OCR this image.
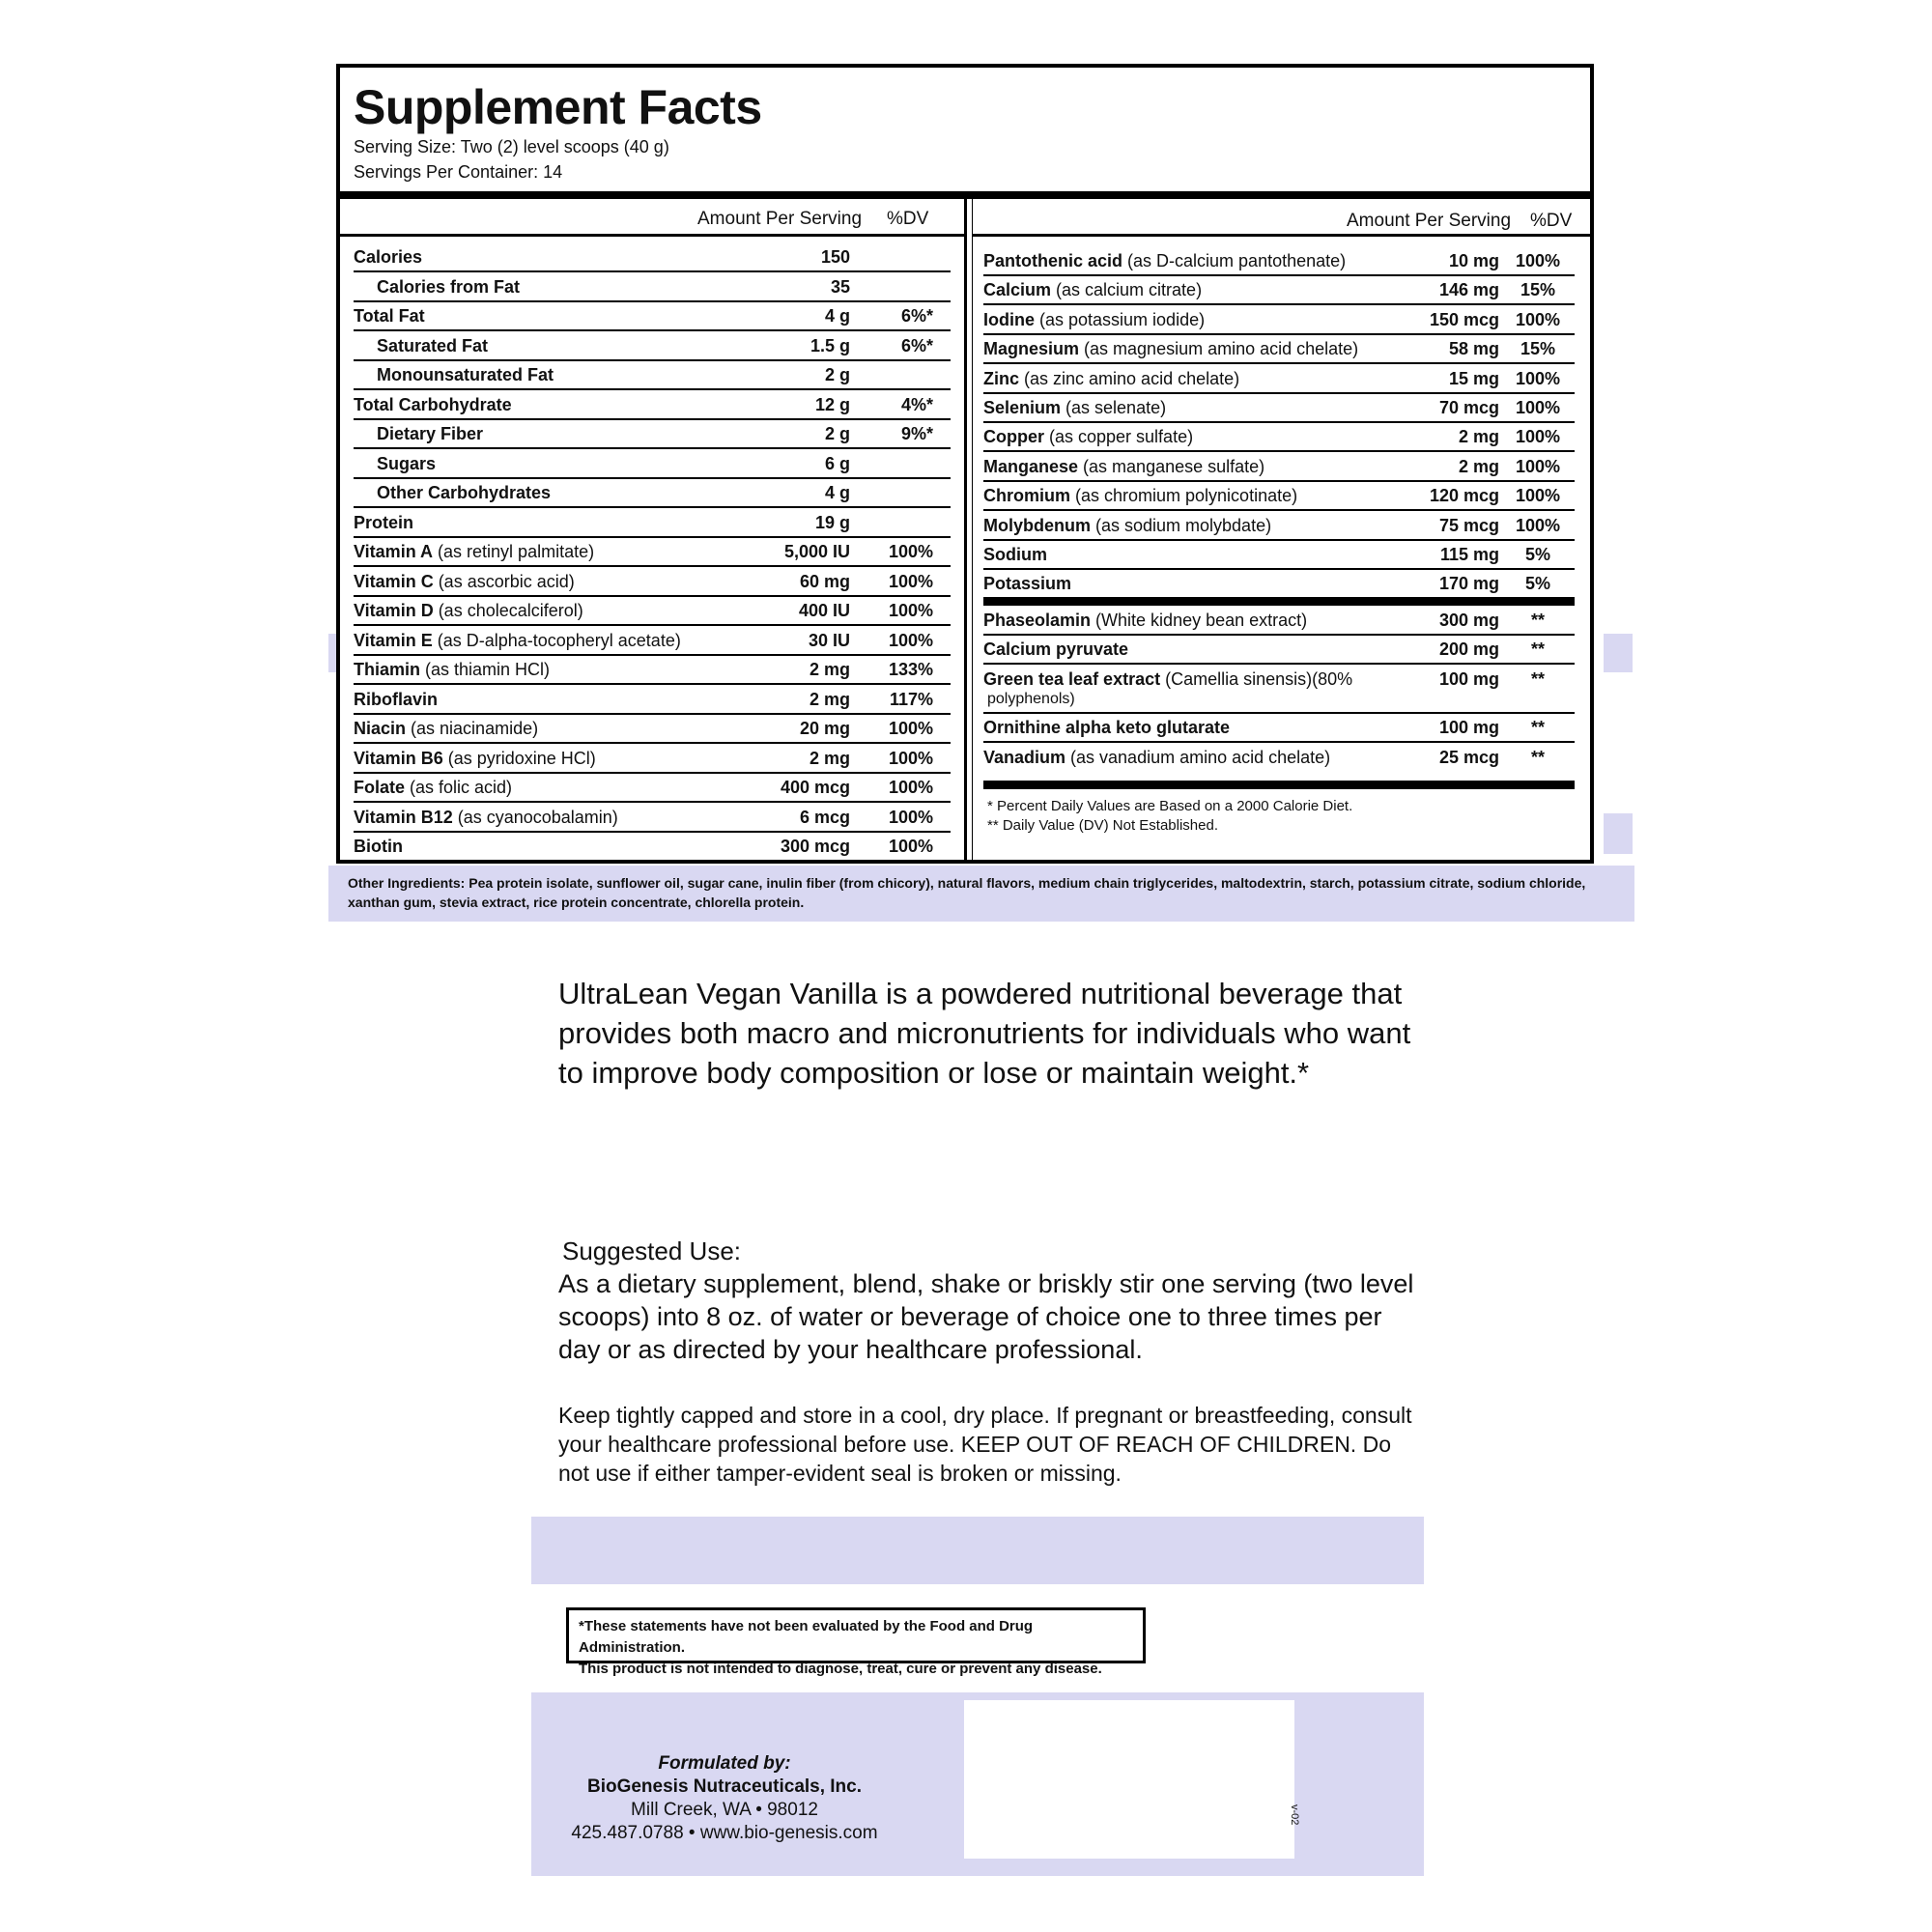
Supplement Facts
Serving Size: Two (2) level scoops (40 g)
Servings Per Container: 14
Amount Per Serving %DV	Amount Per Serving %DV
Calories	150
Calories from Fat	35
Total Fat	4 g	6%*
Saturated Fat	1.5 g	6%*
Monounsaturated Fat	2 g
Total Carbohydrate	12 g	4%*
Dietary Fiber	2 g	9%*
Sugars	6 g
Other Carbohydrates	4 g
Protein	19 g
Vitamin A (as retinyl palmitate)	5,000 IU	100%
Vitamin C (as ascorbic acid)	60 mg	100%
Vitamin D (as cholecalciferol)	400 IU	100%
Vitamin E (as D-alpha-tocopheryl acetate)	30 IU	100%
Thiamin (as thiamin HCl)	2 mg	133%
Riboflavin	2 mg	117%
Niacin (as niacinamide)	20 mg	100%
Vitamin B6 (as pyridoxine HCl)	2 mg	100%
Folate (as folic acid)	400 mcg	100%
Vitamin B12 (as cyanocobalamin)	6 mcg	100%
Biotin	300 mcg	100%
Pantothenic acid (as D-calcium pantothenate)	10 mg 100%
Calcium (as calcium citrate)	146 mg	15%
Iodine (as potassium iodide)	150 mcg 100%
Magnesium (as magnesium amino acid chelate)	58 mg	15%
Zinc (as zinc amino acid chelate)	15 mg 100%
Selenium (as selenate)	70 mcg 100%
Copper (as copper sulfate)	2 mg 100%
Manganese (as manganese sulfate)	2 mg 100%
Chromium (as chromium polynicotinate)	120 mcg 100%
Molybdenum (as sodium molybdate)	75 mcg 100%
Sodium	115 mg	5%
Potassium	170 mg	5%
Phaseolamin (White kidney bean extract)	300 mg	**
Calcium pyruvate	200 mg	**
Green tea leaf extract (Camellia sinensis)(80%
polyphenols)
100 mg	**
Ornithine alpha keto glutarate	100 mg	**
Vanadium (as vanadium amino acid chelate)	25 mcg	**
* Percent Daily Values are Based on a 2000 Calorie Diet.
** Daily Value (DV) Not Established.
Other Ingredients: Pea protein isolate, sunflower oil, sugar cane, inulin fiber (from chicory), natural flavors, medium chain triglycerides, maltodextrin, starch, potassium citrate, sodium chloride, xanthan gum, stevia extract, rice protein concentrate, chlorella protein.
UltraLean Vegan Vanilla is a powdered nutritional beverage that provides both macro and micronutrients for individuals who want to improve body composition or lose or maintain weight.*
Suggested Use:
As a dietary supplement, blend, shake or briskly stir one serving (two level scoops) into 8 oz. of water or beverage of choice one to three times per day or as directed by your healthcare professional.
Keep tightly capped and store in a cool, dry place. If pregnant or breastfeeding, consult your healthcare professional before use. KEEP OUT OF REACH OF CHILDREN. Do not use if either tamper-evident seal is broken or missing.
*These statements have not been evaluated by the Food and Drug Administration.
This product is not intended to diagnose, treat, cure or prevent any disease.
Formulated by:
BioGenesis Nutraceuticals, Inc.
Mill Creek, WA • 98012
425.487.0788 • www.bio-genesis.com
v-02
